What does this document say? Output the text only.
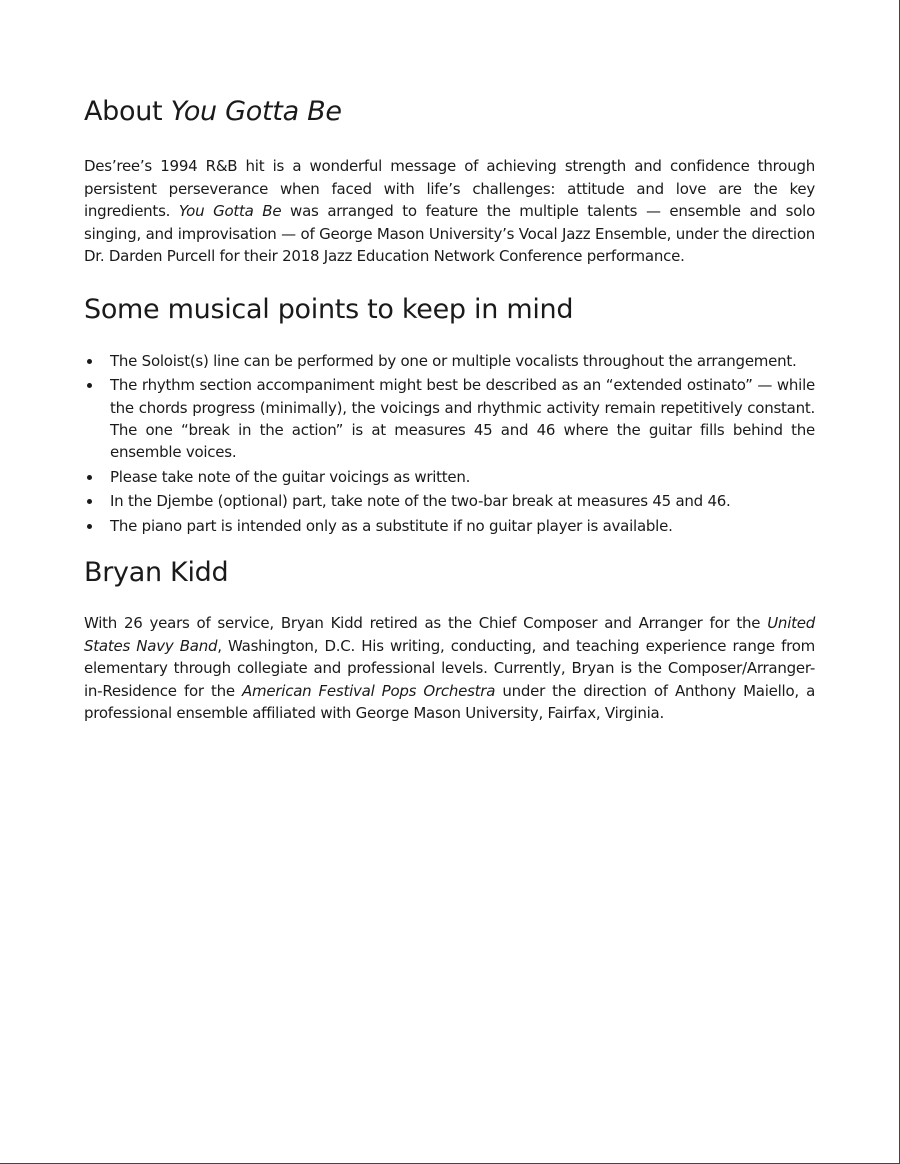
About You Gotta Be

Des’ree’s 1994 R&B hit is a wonderful message of achieving strength and confidence through persistent perseverance when faced with life’s challenges: attitude and love are the key ingredients. You Gotta Be was arranged to feature the multiple talents — ensemble and solo singing, and improvisation — of George Mason University’s Vocal Jazz Ensemble, under the direction Dr. Darden Purcell for their 2018 Jazz Education Network Conference performance.

Some musical points to keep in mind
The Soloist(s) line can be performed by one or multiple vocalists throughout the arrangement.
The rhythm section accompaniment might best be described as an “extended ostinato” — while the chords progress (minimally), the voicings and rhythmic activity remain repetitively constant. The one “break in the action” is at measures 45 and 46 where the guitar fills behind the ensemble voices.
Please take note of the guitar voicings as written.
In the Djembe (optional) part, take note of the two-bar break at measures 45 and 46.
The piano part is intended only as a substitute if no guitar player is available.
Bryan Kidd

With 26 years of service, Bryan Kidd retired as the Chief Composer and Arranger for the United States Navy Band, Washington, D.C. His writing, conducting, and teaching experience range from elementary through collegiate and professional levels. Currently, Bryan is the Composer/Arranger-in-Residence for the American Festival Pops Orchestra under the direction of Anthony Maiello, a professional ensemble affiliated with George Mason University, Fairfax, Virginia.
